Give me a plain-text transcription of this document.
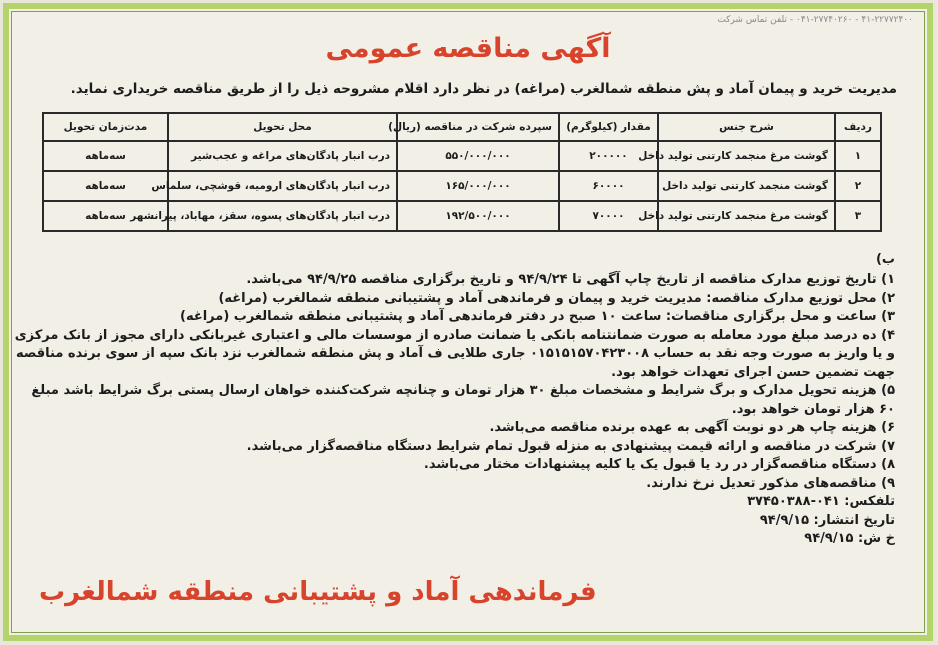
۴۱-۲۲۷۷۲۴۰۰ - ۰۴۱-۲۷۷۴۰۲۶۰ - تلفن تماس شرکت
آگهی مناقصه عمومی
مدیریت خرید و پیمان آماد و پش منطقه شمالغرب (مراغه) در نظر دارد اقلام مشروحه ذیل را از طریق مناقصه خریداری نماید.
ردیف	شرح جنس	مقدار (کیلوگرم)	سپرده شرکت در مناقصه (ریال)	محل تحویل	مدت‌زمان تحویل
۱	گوشت مرغ منجمد کارتنی تولید داخل	۲۰۰۰۰۰	۵۵۰/۰۰۰/۰۰۰	درب انبار پادگان‌های مراغه و عجب‌شیر	سه‌ماهه
۲	گوشت منجمد کارتنی تولید داخل	۶۰۰۰۰	۱۶۵/۰۰۰/۰۰۰	درب انبار پادگان‌های ارومیه، قوشچی، سلماس	سه‌ماهه
۳	گوشت مرغ منجمد کارتنی تولید داخل	۷۰۰۰۰	۱۹۲/۵۰۰/۰۰۰	درب انبار پادگان‌های پسوه، سقز، مهاباد، پیرانشهر	سه‌ماهه
ب)
۱) تاریخ توزیع مدارک مناقصه از تاریخ چاپ آگهی تا ۹۴/۹/۲۴ و تاریخ برگزاری مناقصه ۹۴/۹/۲۵ می‌باشد.
۲) محل توزیع مدارک مناقصه: مدیریت خرید و پیمان و فرماندهی آماد و پشتیبانی منطقه شمالغرب (مراغه)
۳) ساعت و محل برگزاری مناقصات: ساعت ۱۰ صبح در دفتر فرماندهی آماد و پشتیبانی منطقه شمالغرب (مراغه)
۴) ده درصد مبلغ مورد معامله به صورت ضمانتنامه بانکی یا ضمانت صادره از موسسات مالی و اعتباری غیربانکی دارای مجوز از بانک مرکزی
و یا واریز به صورت وجه نقد به حساب ۰۱۵۱۵۱۵۷۰۴۲۳۰۰۸ جاری طلایی ف آماد و پش منطقه شمالغرب نزد بانک سپه از سوی برنده مناقصه
جهت تضمین حسن اجرای تعهدات خواهد بود.
۵) هزینه تحویل مدارک و برگ شرایط و مشخصات مبلغ ۳۰ هزار تومان و چنانچه شرکت‌کننده خواهان ارسال پستی برگ شرایط باشد مبلغ
۶۰ هزار تومان خواهد بود.
۶) هزینه چاپ هر دو نوبت آگهی به عهده برنده مناقصه می‌باشد.
۷) شرکت در مناقصه و ارائه قیمت پیشنهادی به منزله قبول تمام شرایط دستگاه مناقصه‌گزار می‌باشد.
۸) دستگاه مناقصه‌گزار در رد یا قبول یک یا کلیه پیشنهادات مختار می‌باشد.
۹) مناقصه‌های مذکور تعدیل نرخ ندارند.
تلفکس: ۰۴۱-۳۷۴۵۰۳۸۸
تاریخ انتشار: ۹۴/۹/۱۵
خ ش: ۹۴/۹/۱۵
فرماندهی آماد و پشتیبانی منطقه شمالغرب
